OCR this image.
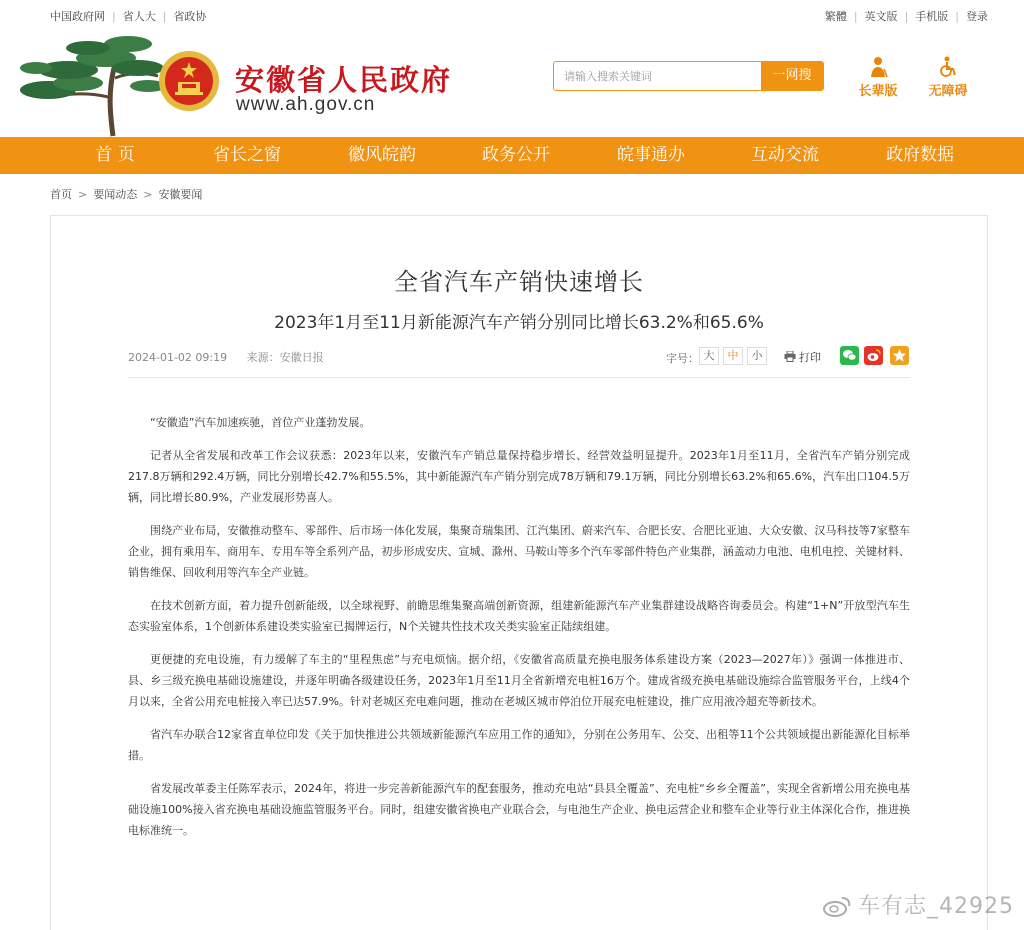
中国政府网 | 省人大 | 省政协	繁體 | 英文版 | 手机版 | 登录
安徽省人民政府
www.ah.gov.cn
请输入搜索关键词
一网搜
长辈版	无障碍
首 页	省长之窗	徽风皖韵	政务公开	皖事通办	互动交流	政府数据
首页 > 要闻动态 > 安徽要闻
全省汽车产销快速增长
2023年1月至11月新能源汽车产销分别同比增长63.2%和65.6%
2024-01-02 09:19 来源：安徽日报	字号： 大	中	小	打印

“安徽造”汽车加速疾驰，首位产业蓬勃发展。

记者从全省发展和改革工作会议获悉：2023年以来，安徽汽车产销总量保持稳步增长、经营效益明显提升。2023年1月至11月，全省汽车产销分别完成217.8万辆和292.4万辆，同比分别增长42.7%和55.5%，其中新能源汽车产销分别完成78万辆和79.1万辆，同比分别增长63.2%和65.6%，汽车出口104.5万辆，同比增长80.9%，产业发展形势喜人。

围绕产业布局，安徽推动整车、零部件、后市场一体化发展，集聚奇瑞集团、江汽集团、蔚来汽车、合肥长安、合肥比亚迪、大众安徽、汉马科技等7家整车企业，拥有乘用车、商用车、专用车等全系列产品，初步形成安庆、宣城、滁州、马鞍山等多个汽车零部件特色产业集群，涵盖动力电池、电机电控、关键材料、销售维保、回收利用等汽车全产业链。

在技术创新方面，着力提升创新能级，以全球视野、前瞻思维集聚高端创新资源，组建新能源汽车产业集群建设战略咨询委员会。构建“1+N”开放型汽车生态实验室体系，1个创新体系建设类实验室已揭牌运行，N个关键共性技术攻关类实验室正陆续组建。

更便捷的充电设施，有力缓解了车主的“里程焦虑”与充电烦恼。据介绍，《安徽省高质量充换电服务体系建设方案（2023—2027年）》强调一体推进市、县、乡三级充换电基础设施建设，并逐年明确各级建设任务，2023年1月至11月全省新增充电桩16万个。建成省级充换电基础设施综合监管服务平台，上线4个月以来，全省公用充电桩接入率已达57.9%。针对老城区充电难问题，推动在老城区城市停泊位开展充电桩建设，推广应用液冷超充等新技术。

省汽车办联合12家省直单位印发《关于加快推进公共领域新能源汽车应用工作的通知》，分别在公务用车、公交、出租等11个公共领域提出新能源化目标举措。

省发展改革委主任陈军表示，2024年，将进一步完善新能源汽车的配套服务，推动充电站“县县全覆盖”、充电桩“乡乡全覆盖”，实现全省新增公用充换电基础设施100%接入省充换电基础设施监管服务平台。同时，组建安徽省换电产业联合会，与电池生产企业、换电运营企业和整车企业等行业主体深化合作，推进换电标准统一。

车有志_42925
